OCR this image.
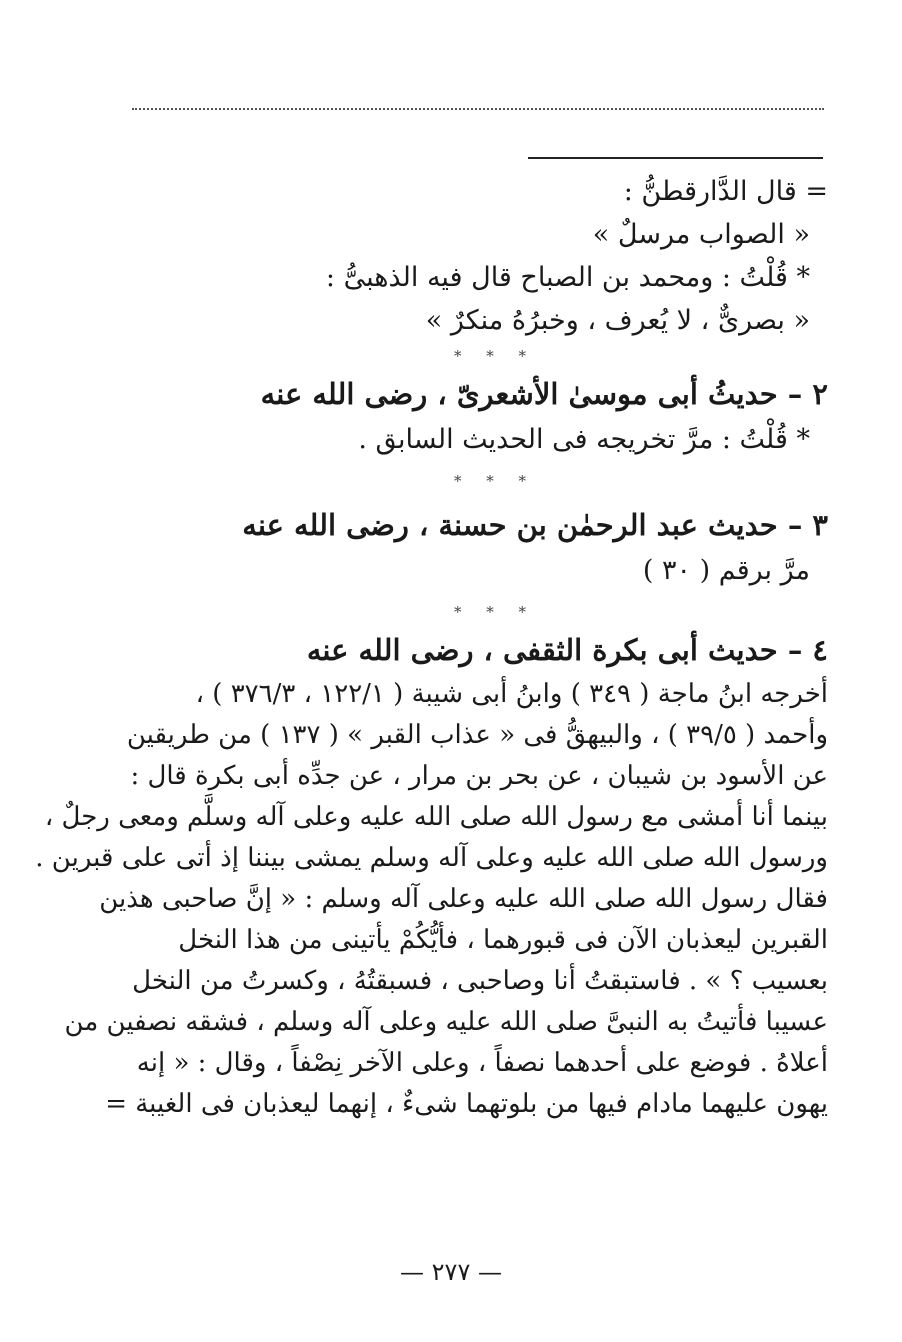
= قال الدَّارقطنُّ :
« الصواب مرسلٌ »
* قُلْتُ : ومحمد بن الصباح قال فيه الذهبىُّ :
« بصرىٌّ ، لا يُعرف ، وخبرُهُ منكرٌ »
* * *
٢ – حديثُ أبى موسىٰ الأشعرىّ ، رضى الله عنه
* قُلْتُ : مرَّ تخريجه فى الحديث السابق .
* * *
٣ – حديث عبد الرحمٰن بن حسنة ، رضى الله عنه
مرَّ برقم ( ٣٠ )
* * *
٤ – حديث أبى بكرة الثقفى ، رضى الله عنه
أخرجه ابنُ ماجة ( ٣٤٩ ) وابنُ أبى شيبة ( ١٢٢/١ ، ٣٧٦/٣ ) ،
وأحمد ( ٣٩/٥ ) ، والبيهقُّ فى « عذاب القبر » ( ١٣٧ ) من طريقين
عن الأسود بن شيبان ، عن بحر بن مرار ، عن جدِّه أبى بكرة قال :
بينما أنا أمشى مع رسول الله صلى الله عليه وعلى آله وسلَّم ومعى رجلٌ ،
ورسول الله صلى الله عليه وعلى آله وسلم يمشى بيننا إذ أتى على قبرين .
فقال رسول الله صلى الله عليه وعلى آله وسلم : « إنَّ صاحبى هذين
القبرين ليعذبان الآن فى قبورهما ، فأيُّكُمْ يأتينى من هذا النخل
بعسيب ؟ » . فاستبقتُ أنا وصاحبى ، فسبقتُهُ ، وكسرتُ من النخل
عسيبا فأتيتُ به النبىَّ صلى الله عليه وعلى آله وسلم ، فشقه نصفين من
أعلاهُ . فوضع على أحدهما نصفاً ، وعلى الآخر نِصْفاً ، وقال : « إنه
يهون عليهما مادام فيها من بلوتهما شىءٌ ، إنهما ليعذبان فى الغيبة =
— ٢٧٧ —
